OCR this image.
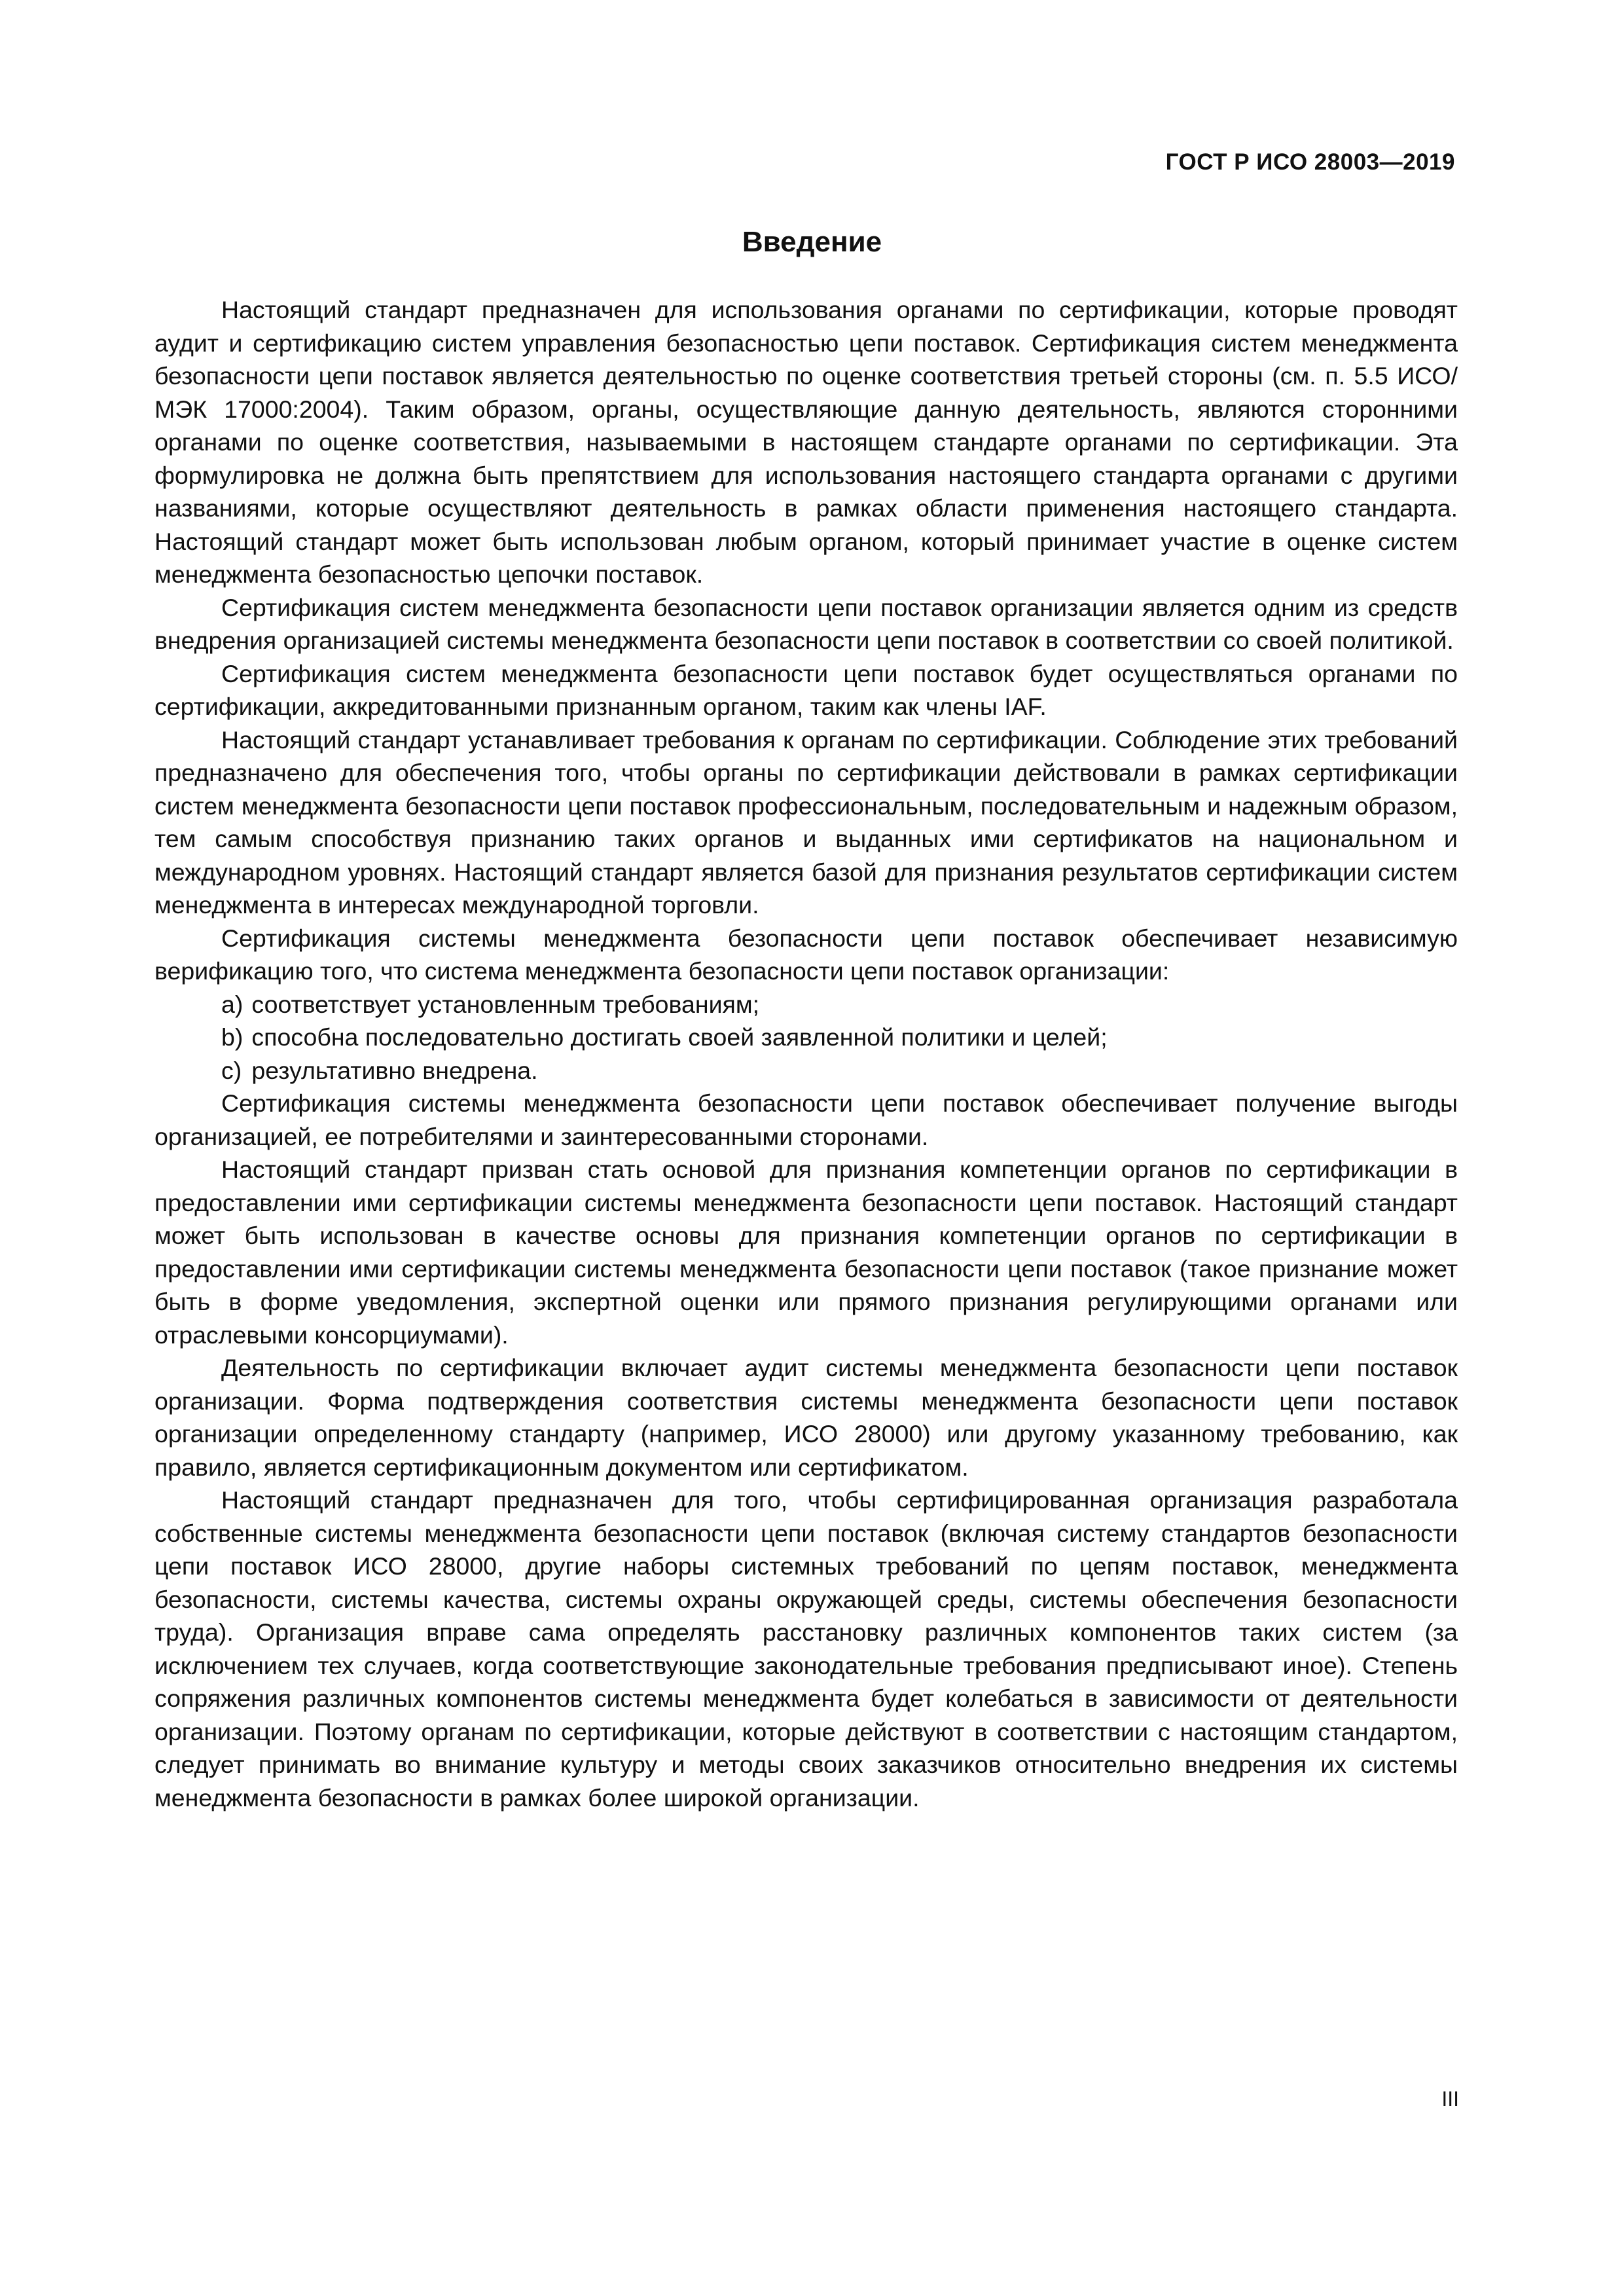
ГОСТ Р ИСО 28003—2019
Введение

Настоящий стандарт предназначен для использования органами по сертификации, которые проводят аудит и сертификацию систем управления безопасностью цепи поставок. Сертификация систем менеджмента безопасности цепи поставок является деятельностью по оценке соответствия третьей стороны (см. п. 5.5 ИСО/МЭК 17000:2004). Таким образом, органы, осуществляющие данную деятельность, являются сторонними органами по оценке соответствия, называемыми в настоящем стандарте органами по сертификации. Эта формулировка не должна быть препятствием для использования настоящего стандарта органами с другими названиями, которые осуществляют деятельность в рамках области применения настоящего стандарта. Настоящий стандарт может быть использован любым органом, который принимает участие в оценке систем менеджмента безопасностью цепочки поставок.

Сертификация систем менеджмента безопасности цепи поставок организации является одним из средств внедрения организацией системы менеджмента безопасности цепи поставок в соответствии со своей политикой.

Сертификация систем менеджмента безопасности цепи поставок будет осуществляться органами по сертификации, аккредитованными признанным органом, таким как члены IAF.

Настоящий стандарт устанавливает требования к органам по сертификации. Соблюдение этих требований предназначено для обеспечения того, чтобы органы по сертификации действовали в рамках сертификации систем менеджмента безопасности цепи поставок профессиональным, последовательным и надежным образом, тем самым способствуя признанию таких органов и выданных ими сертификатов на национальном и международном уровнях. Настоящий стандарт является базой для признания результатов сертификации систем менеджмента в интересах международной торговли.

Сертификация системы менеджмента безопасности цепи поставок обеспечивает независимую верификацию того, что система менеджмента безопасности цепи поставок организации:

a) соответствует установленным требованиям;

b) способна последовательно достигать своей заявленной политики и целей;

c) результативно внедрена.

Сертификация системы менеджмента безопасности цепи поставок обеспечивает получение выгоды организацией, ее потребителями и заинтересованными сторонами.

Настоящий стандарт призван стать основой для признания компетенции органов по сертификации в предоставлении ими сертификации системы менеджмента безопасности цепи поставок. Настоящий стандарт может быть использован в качестве основы для признания компетенции органов по сертификации в предоставлении ими сертификации системы менеджмента безопасности цепи поставок (такое признание может быть в форме уведомления, экспертной оценки или прямого признания регулирующими органами или отраслевыми консорциумами).

Деятельность по сертификации включает аудит системы менеджмента безопасности цепи поставок организации. Форма подтверждения соответствия системы менеджмента безопасности цепи поставок организации определенному стандарту (например, ИСО 28000) или другому указанному требованию, как правило, является сертификационным документом или сертификатом.

Настоящий стандарт предназначен для того, чтобы сертифицированная организация разработала собственные системы менеджмента безопасности цепи поставок (включая систему стандартов безопасности цепи поставок ИСО 28000, другие наборы системных требований по цепям поставок, менеджмента безопасности, системы качества, системы охраны окружающей среды, системы обеспечения безопасности труда). Организация вправе сама определять расстановку различных компонентов таких систем (за исключением тех случаев, когда соответствующие законодательные требования предписывают иное). Степень сопряжения различных компонентов системы менеджмента будет колебаться в зависимости от деятельности организации. Поэтому органам по сертификации, которые действуют в соответствии с настоящим стандартом, следует принимать во внимание культуру и методы своих заказчиков относительно внедрения их системы менеджмента безопасности в рамках более широкой организации.

III
